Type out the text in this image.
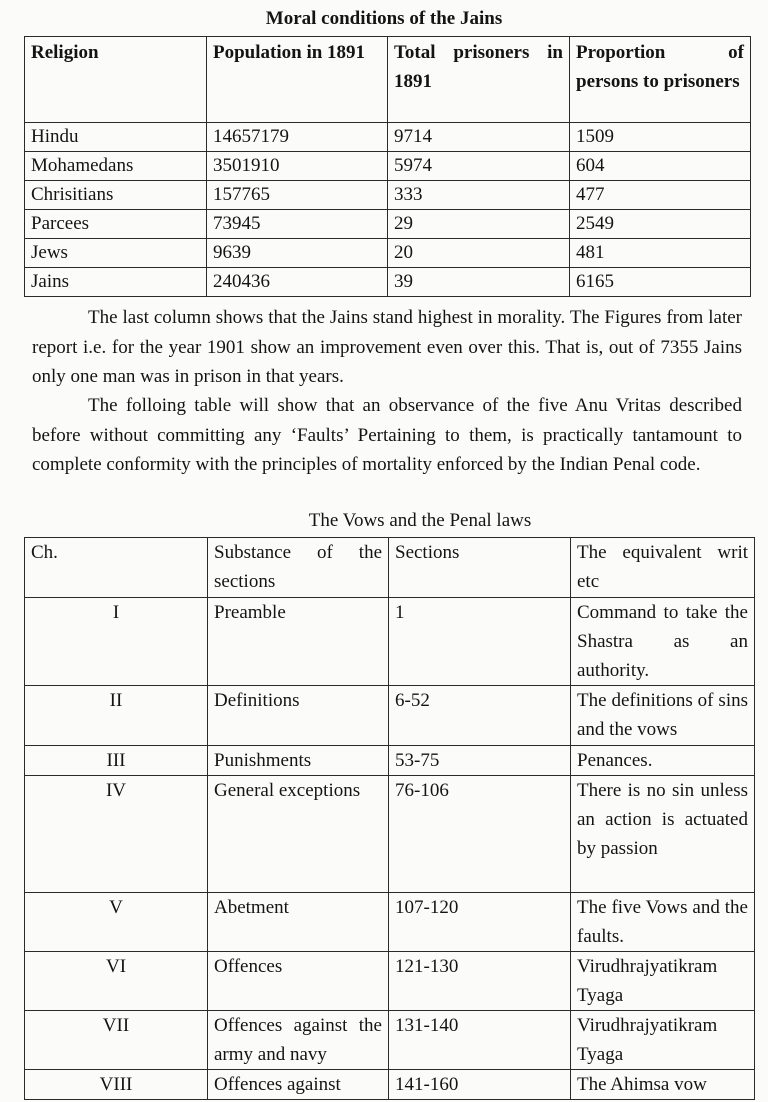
Moral conditions of the Jains
Religion	Population in 1891	Total prisoners in 1891	Proportion of persons to prisoners
Hindu	14657179	9714	1509
Mohamedans	3501910	5974	604
Chrisitians	157765	333	477
Parcees	73945	29	2549
Jews	9639	20	481
Jains	240436	39	6165
The last column shows that the Jains stand highest in morality. The Figures from later report i.e. for the year 1901 show an improvement even over this. That is, out of 7355 Jains only one man was in prison in that years.
The folloing table will show that an observance of the five Anu Vritas described before without committing any ‘Faults’ Pertaining to them, is practically tantamount to complete conformity with the principles of mortality enforced by the Indian Penal code.
The Vows and the Penal laws
Ch.	Substance of the sections	Sections	The equivalent writ etc
I	Preamble	1	Command to take the Shastra as an authority.
II	Definitions	6-52	The definitions of sins and the vows
III	Punishments	53-75	Penances.
IV	General exceptions	76-106	There is no sin unless an action is actuated by passion
V	Abetment	107-120	The five Vows and the faults.
VI	Offences	121-130	Virudhrajyatikram Tyaga
VII	Offences against the army and navy	131-140	Virudhrajyatikram Tyaga
VIII	Offences against	141-160	The Ahimsa vow
